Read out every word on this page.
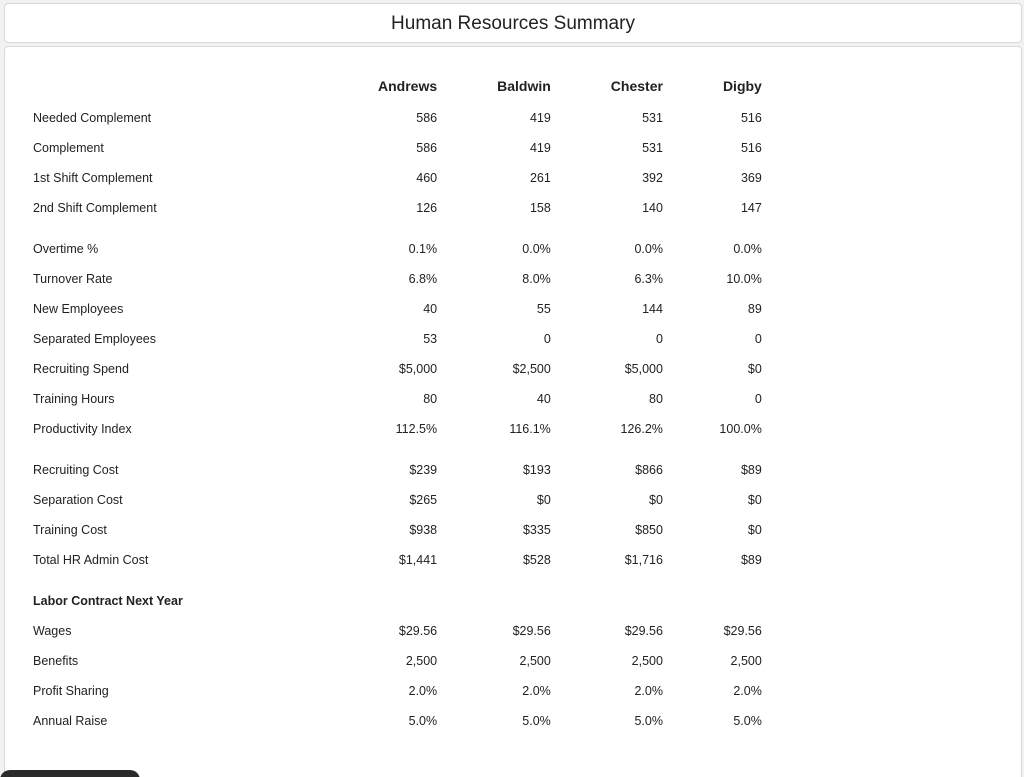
Human Resources Summary
	Andrews	Baldwin	Chester	Digby
Needed Complement	586	419	531	516
Complement	586	419	531	516
1st Shift Complement	460	261	392	369
2nd Shift Complement	126	158	140	147

Overtime %	0.1%	0.0%	0.0%	0.0%
Turnover Rate	6.8%	8.0%	6.3%	10.0%
New Employees	40	55	144	89
Separated Employees	53	0	0	0
Recruiting Spend	$5,000	$2,500	$5,000	$0
Training Hours	80	40	80	0
Productivity Index	112.5%	116.1%	126.2%	100.0%

Recruiting Cost	$239	$193	$866	$89
Separation Cost	$265	$0	$0	$0
Training Cost	$938	$335	$850	$0
Total HR Admin Cost	$1,441	$528	$1,716	$89

Labor Contract Next Year				
Wages	$29.56	$29.56	$29.56	$29.56
Benefits	2,500	2,500	2,500	2,500
Profit Sharing	2.0%	2.0%	2.0%	2.0%
Annual Raise	5.0%	5.0%	5.0%	5.0%
